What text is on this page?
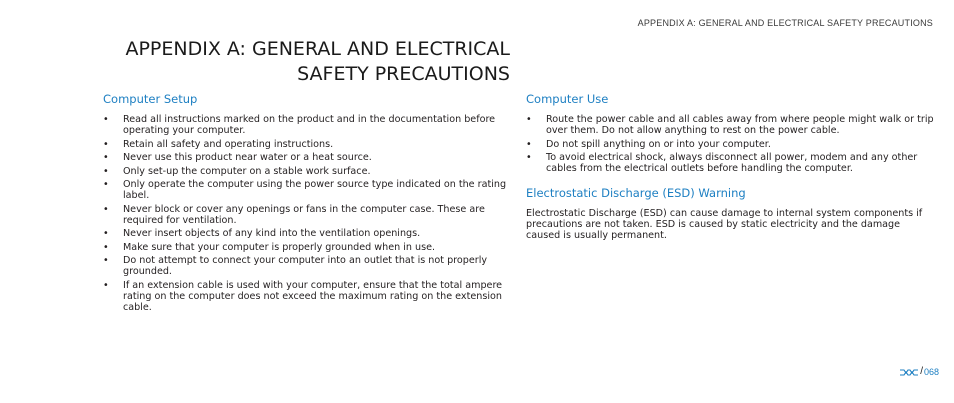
APPENDIX A: GENERAL AND ELECTRICAL SAFETY PRECAUTIONS
APPENDIX A: GENERAL AND ELECTRICAL
SAFETY PRECAUTIONS
Computer Setup
• Read all instructions marked on the product and in the documentation before operating your computer.
• Retain all safety and operating instructions.
• Never use this product near water or a heat source.
• Only set-up the computer on a stable work surface.
• Only operate the computer using the power source type indicated on the rating label.
• Never block or cover any openings or fans in the computer case. These are required for ventilation.
• Never insert objects of any kind into the ventilation openings.
• Make sure that your computer is properly grounded when in use.
• Do not attempt to connect your computer into an outlet that is not properly grounded.
• If an extension cable is used with your computer, ensure that the total ampere rating on the computer does not exceed the maximum rating on the extension cable.
Computer Use
• Route the power cable and all cables away from where people might walk or trip over them. Do not allow anything to rest on the power cable.
• Do not spill anything on or into your computer.
• To avoid electrical shock, always disconnect all power, modem and any other cables from the electrical outlets before handling the computer.
Electrostatic Discharge (ESD) Warning

Electrostatic Discharge (ESD) can cause damage to internal system components if precautions are not taken. ESD is caused by static electricity and the damage caused is usually permanent.

/ 068
